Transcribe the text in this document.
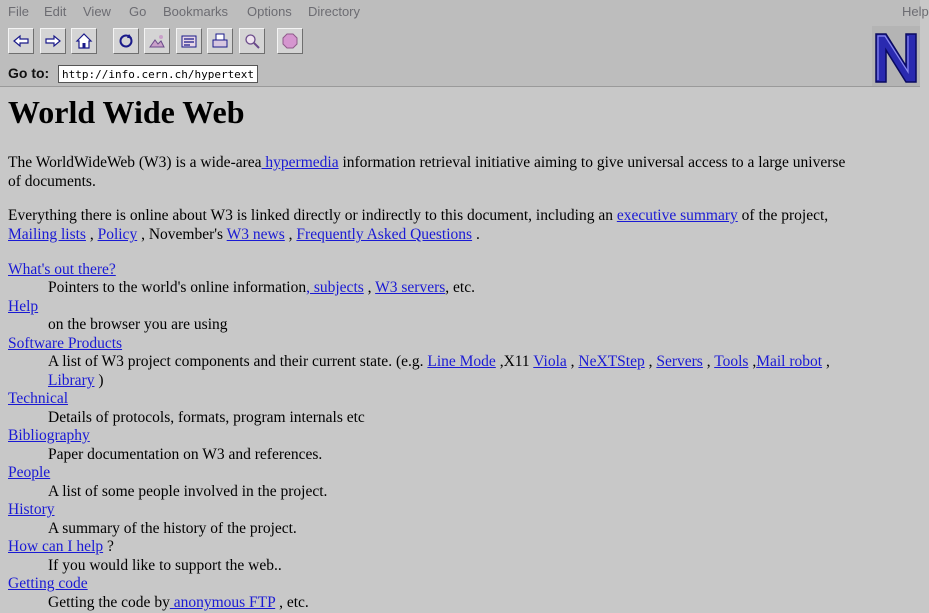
File Edit View Go Bookmarks Options Directory	Help
Go to:
http://info.cern.ch/hypertext/WWW
World Wide Web
The WorldWideWeb (W3) is a wide-area hypermedia information retrieval initiative aiming to give universal access to a large universe
of documents.
Everything there is online about W3 is linked directly or indirectly to this document, including an executive summary of the project,
Mailing lists , Policy , November's W3 news , Frequently Asked Questions .
What's out there?
Pointers to the world's online information, subjects , W3 servers, etc.
Help
on the browser you are using
Software Products
A list of W3 project components and their current state. (e.g. Line Mode ,X11 Viola , NeXTStep , Servers , Tools ,Mail robot ,
Library )
Technical
Details of protocols, formats, program internals etc
Bibliography
Paper documentation on W3 and references.
People
A list of some people involved in the project.
History
A summary of the history of the project.
How can I help ?
If you would like to support the web..
Getting code
Getting the code by anonymous FTP , etc.
